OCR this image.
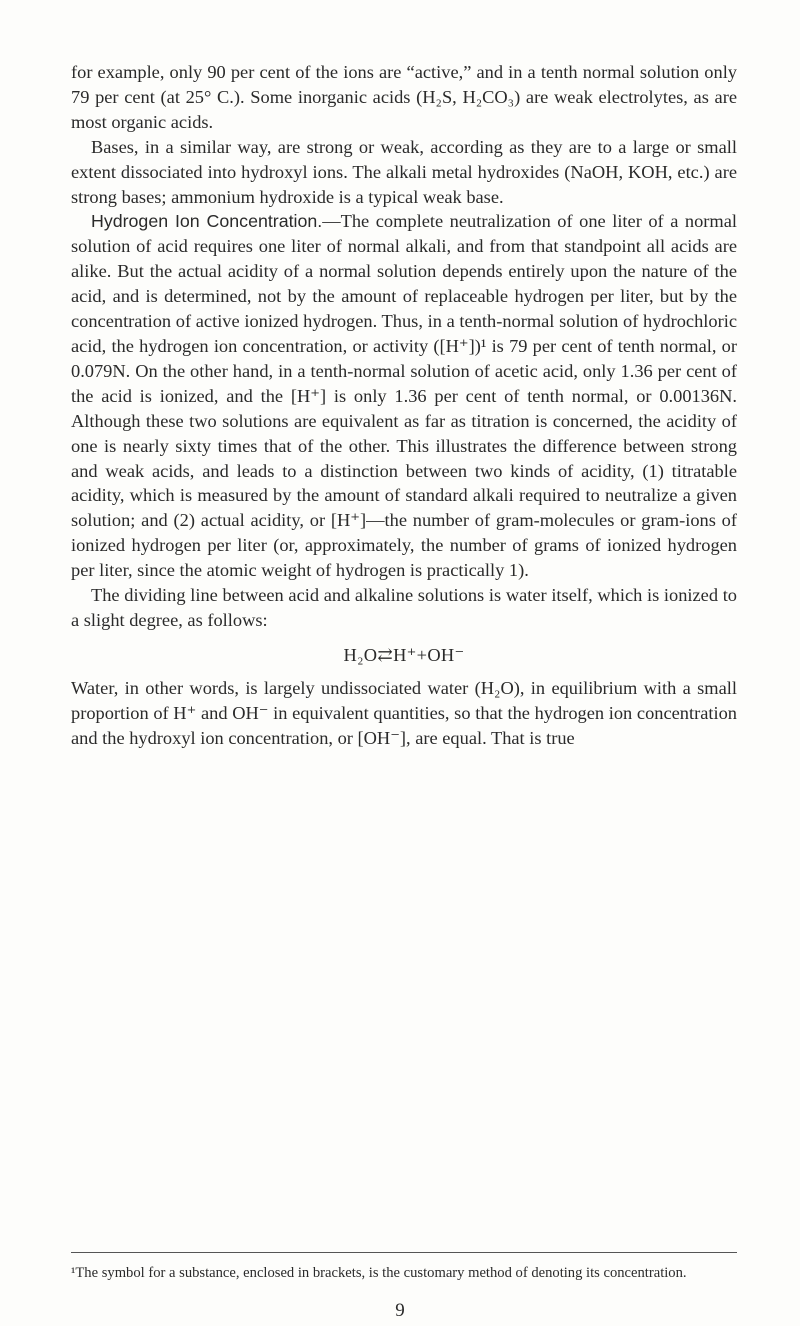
for example, only 90 per cent of the ions are “active,” and in a tenth normal solution only 79 per cent (at 25° C.). Some inorganic acids (H₂S, H₂CO₃) are weak electrolytes, as are most organic acids.

Bases, in a similar way, are strong or weak, according as they are to a large or small extent dissociated into hydroxyl ions. The alkali metal hydroxides (NaOH, KOH, etc.) are strong bases; ammonium hydroxide is a typical weak base.

Hydrogen Ion Concentration.—The complete neutralization of one liter of a normal solution of acid requires one liter of normal alkali, and from that standpoint all acids are alike. But the actual acidity of a normal solution depends entirely upon the nature of the acid, and is determined, not by the amount of replaceable hydrogen per liter, but by the concentration of active ionized hydrogen. Thus, in a tenth-normal solution of hydrochloric acid, the hydrogen ion concentration, or activity ([H⁺])¹ is 79 per cent of tenth normal, or 0.079N. On the other hand, in a tenth-normal solution of acetic acid, only 1.36 per cent of the acid is ionized, and the [H⁺] is only 1.36 per cent of tenth normal, or 0.00136N. Although these two solutions are equivalent as far as titration is concerned, the acidity of one is nearly sixty times that of the other. This illustrates the difference between strong and weak acids, and leads to a distinction between two kinds of acidity, (1) titratable acidity, which is measured by the amount of standard alkali required to neutralize a given solution; and (2) actual acidity, or [H⁺]—the number of gram-molecules or gram-ions of ionized hydrogen per liter (or, approximately, the number of grams of ionized hydrogen per liter, since the atomic weight of hydrogen is practically 1).

The dividing line between acid and alkaline solutions is water itself, which is ionized to a slight degree, as follows:

H₂O⇄H⁺+OH⁻

Water, in other words, is largely undissociated water (H₂O), in equilibrium with a small proportion of H⁺ and OH⁻ in equivalent quantities, so that the hydrogen ion concentration and the hydroxyl ion concentration, or [OH⁻], are equal. That is true

¹The symbol for a substance, enclosed in brackets, is the customary method of denoting its concentration.

9
